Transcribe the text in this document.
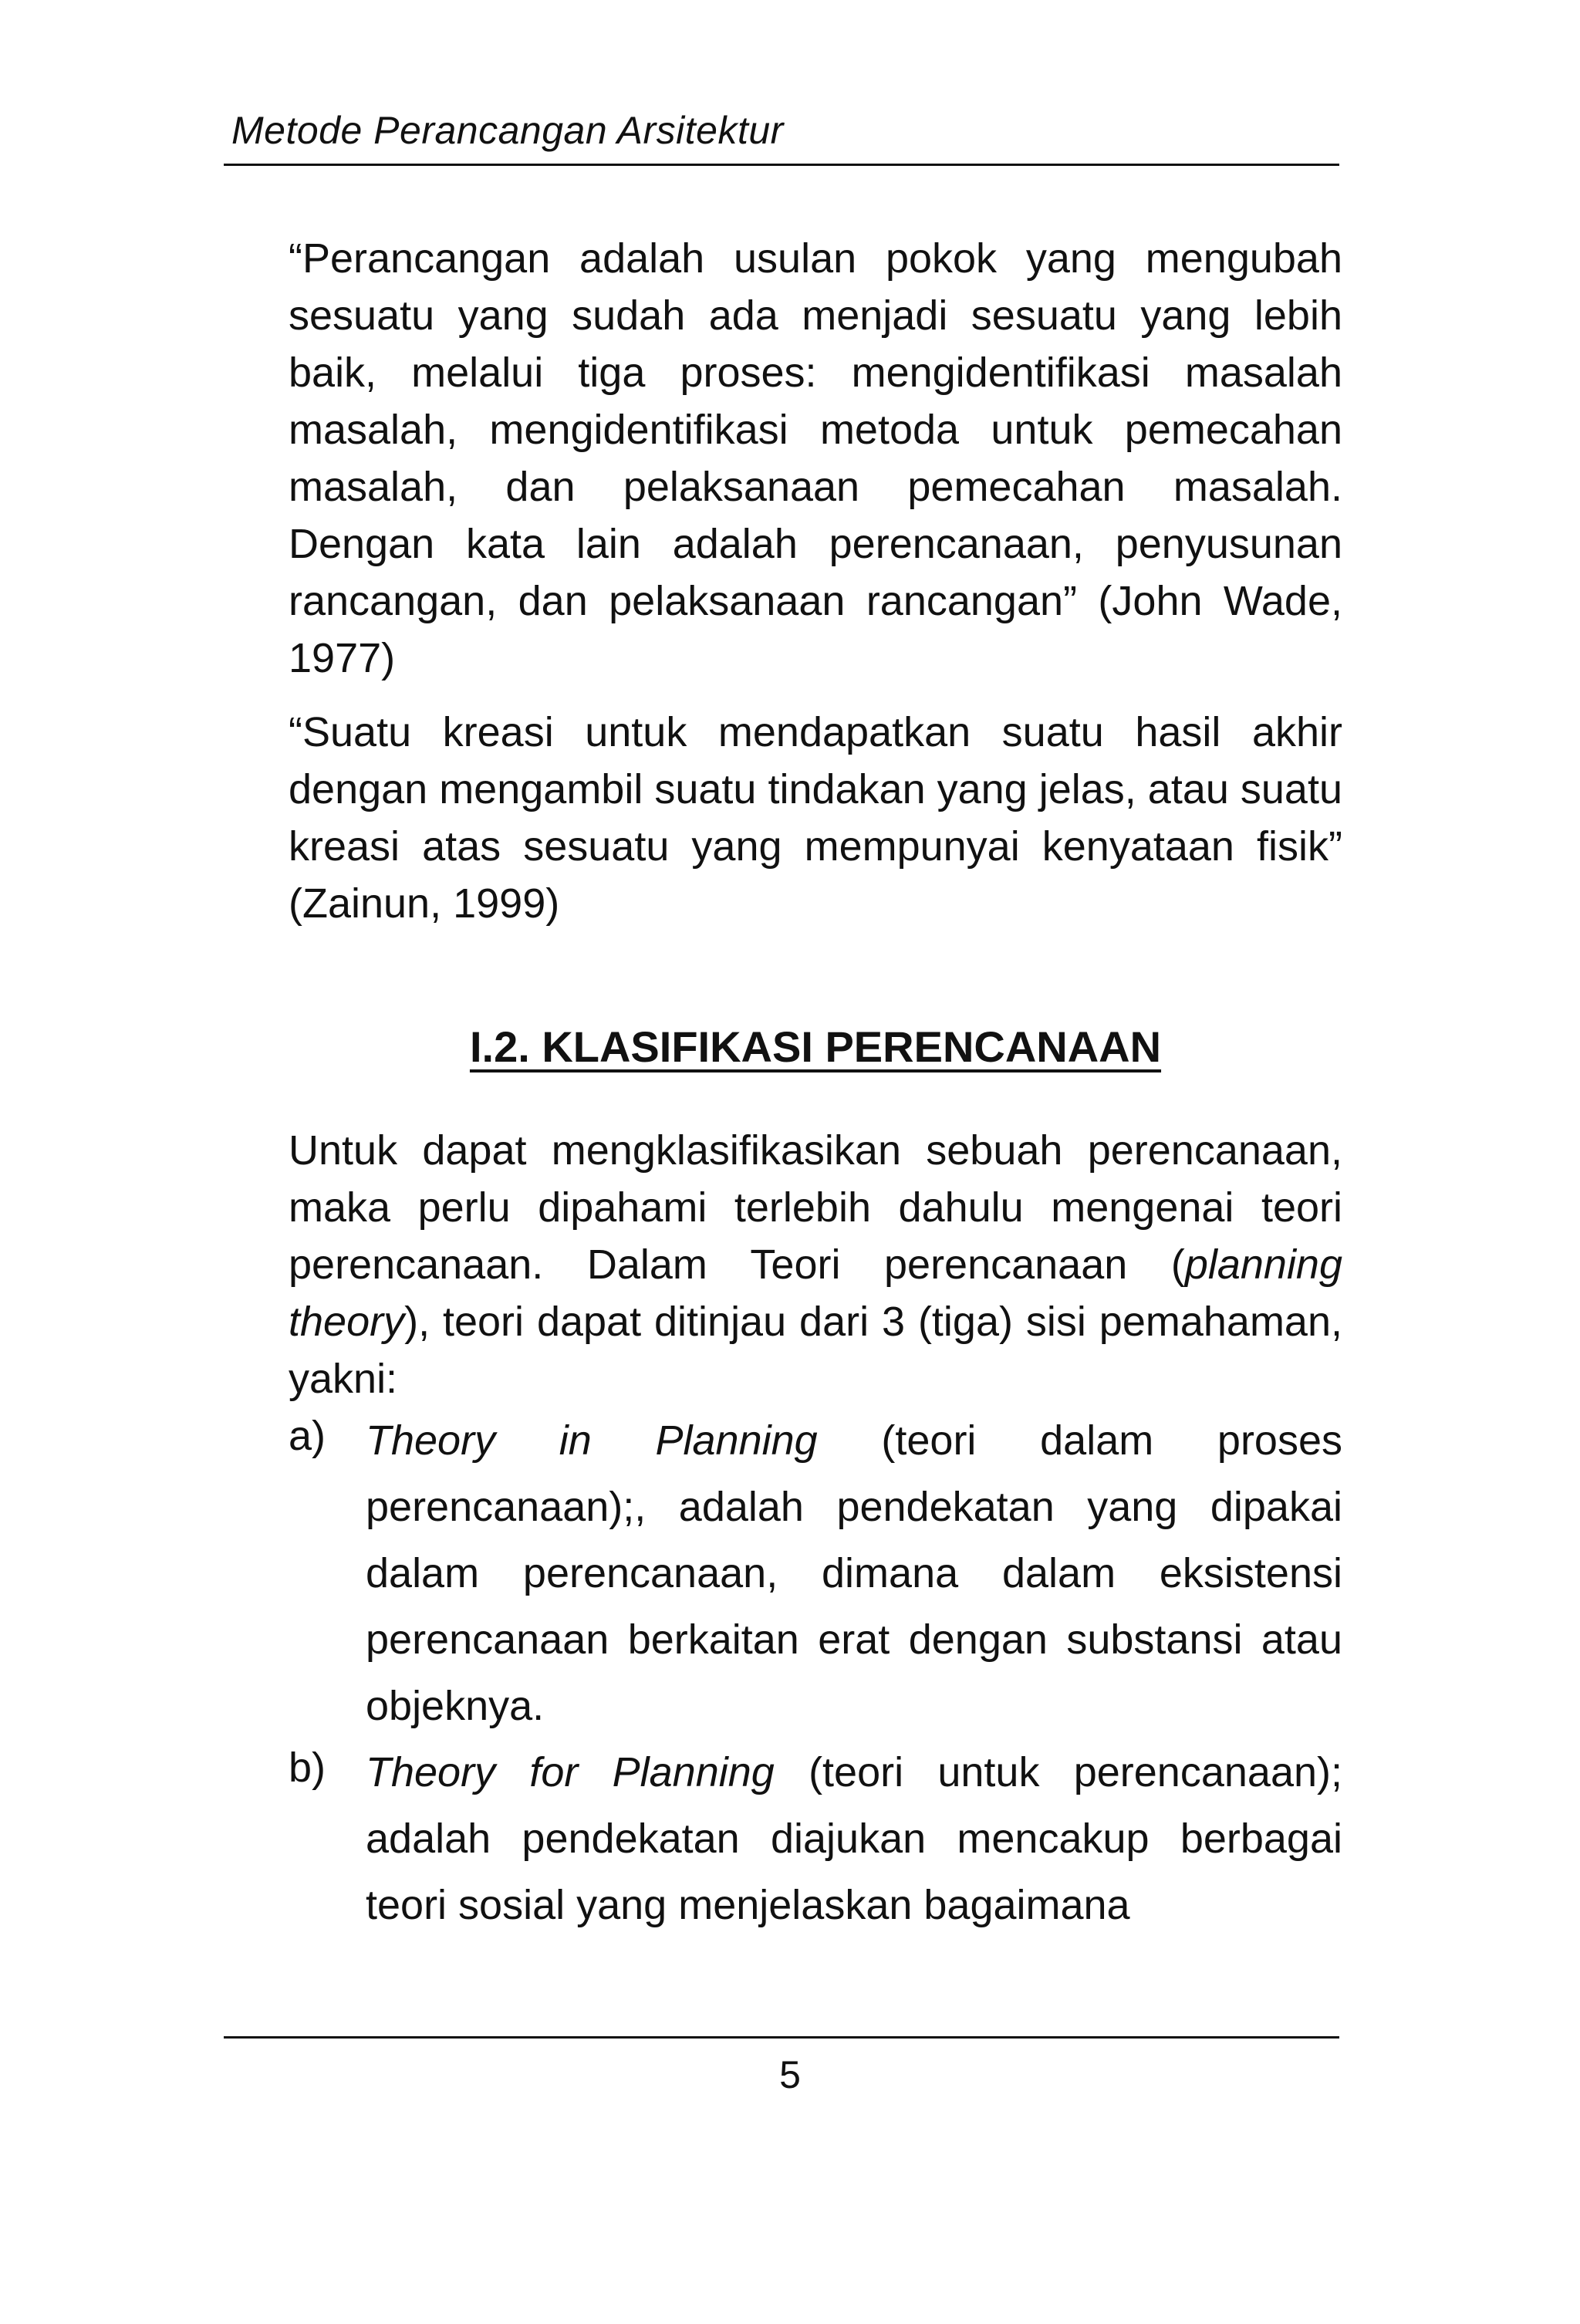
Metode Perancangan Arsitektur

“Perancangan adalah usulan pokok yang mengubah sesuatu yang sudah ada menjadi sesuatu yang lebih baik, melalui tiga proses: mengidentifikasi masalah masalah, mengidentifikasi metoda untuk pemecahan masalah, dan pelaksanaan pemecahan masalah. Dengan kata lain adalah perencanaan, penyusunan rancangan, dan pelaksanaan rancangan” (John Wade, 1977)

“Suatu kreasi untuk mendapatkan suatu hasil akhir dengan mengambil suatu tindakan yang jelas, atau suatu kreasi atas sesuatu yang mempunyai kenyataan fisik” (Zainun, 1999)

I.2. KLASIFIKASI PERENCANAAN

Untuk dapat mengklasifikasikan sebuah perencanaan, maka perlu dipahami terlebih dahulu mengenai teori perencanaan. Dalam Teori perencanaan (planning theory), teori dapat ditinjau dari 3 (tiga) sisi pemahaman, yakni:

a) Theory in Planning (teori dalam proses perencanaan);, adalah pendekatan yang dipakai dalam perencanaan, dimana dalam eksistensi perencanaan berkaitan erat dengan substansi atau objeknya.
b) Theory for Planning (teori untuk perencanaan); adalah pendekatan diajukan mencakup berbagai teori sosial yang menjelaskan bagaimana
5
